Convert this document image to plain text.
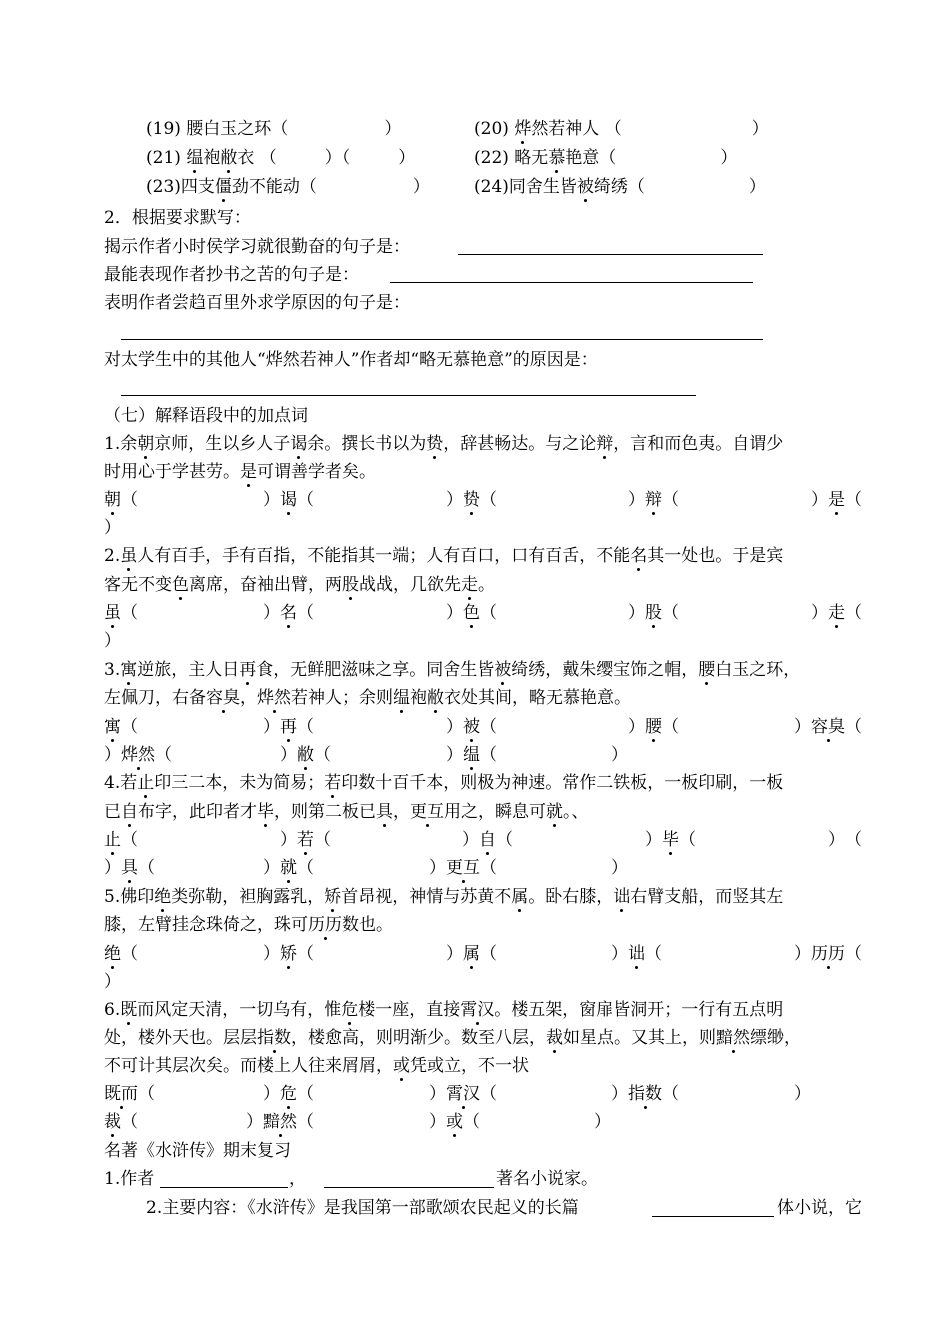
(19) 腰白玉之环（	）	(20) 烨然若神人 （	）
(21) 缊袍敝衣 （	）（	）	(22) 略无慕艳意（	）
(23)四支僵劲不能动（	）	(24)同舍生皆被绮绣（	）
2．根据要求默写：
揭示作者小时侯学习就很勤奋的句子是：
最能表现作者抄书之苦的句子是：
表明作者尝趋百里外求学原因的句子是：
对太学生中的其他人“烨然若神人”作者却“略无慕艳意”的原因是：
（七）解释语段中的加点词
1.余朝京师，生以乡人子谒余。撰长书以为贽，辞甚畅达。与之论辩，言和而色夷。自谓少
时用心于学甚劳。是可谓善学者矣。
朝（	）谒（	）贽（	）辩（	）是（
）
2.虽人有百手，手有百指，不能指其一端；人有百口，口有百舌，不能名其一处也。于是宾
客无不变色离席，奋袖出臂，两股战战，几欲先走。
虽（	）名（	）色（	）股（	）走（
）
3.寓逆旅，主人日再食，无鲜肥滋味之享。同舍生皆被绮绣，戴朱缨宝饰之帽，腰白玉之环，
左佩刀，右备容臭，烨然若神人；余则缊袍敝衣处其间，略无慕艳意。
寓（	）再（	）被（	）腰（	）容臭（
）烨然（	）敝（	）缊（	）
4.若止印三二本，未为简易；若印数十百千本，则极为神速。常作二铁板，一板印刷，一板
已自布字，此印者才毕，则第二板已具，更互用之，瞬息可就。、
止（	）若（	）自（	）毕（	）　（
）具（	）就（	）更互（	）
5.佛印绝类弥勒，袒胸露乳，矫首昂视，神情与苏黄不属。卧右膝，诎右臂支船，而竖其左
膝，左臂挂念珠倚之，珠可历历数也。
绝（	）矫（	）属（	）诎（	）历历（
）
6.既而风定天清，一切乌有，惟危楼一座，直接霄汉。楼五架，窗扉皆洞开；一行有五点明
处，楼外天也。层层指数，楼愈高，则明渐少。数至八层，裁如星点。又其上，则黯然缥缈，
不可计其层次矣。而楼上人往来屑屑，或凭或立，不一状
既而（	）危（	）霄汉（	）指数（	）
裁（	）黯然（	）或（	）
名著《水浒传》期末复习
1.作者	，	著名小说家。
2.主要内容：《水浒传》是我国第一部歌颂农民起义的长篇	体小说，它
